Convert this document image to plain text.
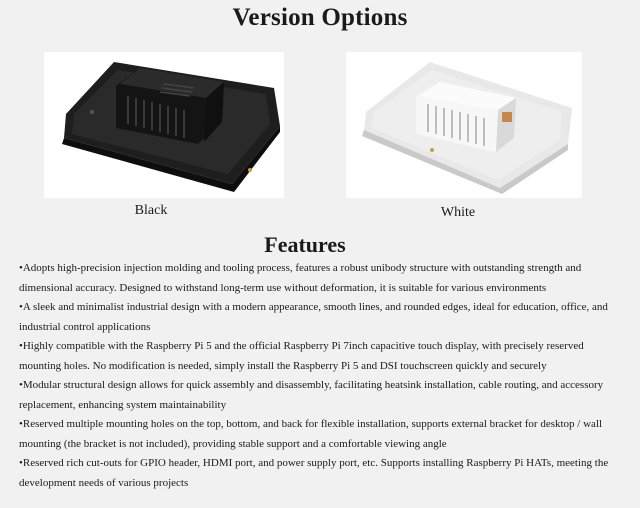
Version Options
Black	White
Features
•Adopts high-precision injection molding and tooling process, features a robust unibody structure with outstanding strength and dimensional accuracy. Designed to withstand long-term use without deformation, it is suitable for various environments
•A sleek and minimalist industrial design with a modern appearance, smooth lines, and rounded edges, ideal for education, office, and industrial control applications
•Highly compatible with the Raspberry Pi 5 and the official Raspberry Pi 7inch capacitive touch display, with precisely reserved mounting holes. No modification is needed, simply install the Raspberry Pi 5 and DSI touchscreen quickly and securely
•Modular structural design allows for quick assembly and disassembly, facilitating heatsink installation, cable routing, and accessory replacement, enhancing system maintainability
•Reserved multiple mounting holes on the top, bottom, and back for flexible installation, supports external bracket for desktop / wall mounting (the bracket is not included), providing stable support and a comfortable viewing angle
•Reserved rich cut-outs for GPIO header, HDMI port, and power supply port, etc. Supports installing Raspberry Pi HATs, meeting the development needs of various projects
